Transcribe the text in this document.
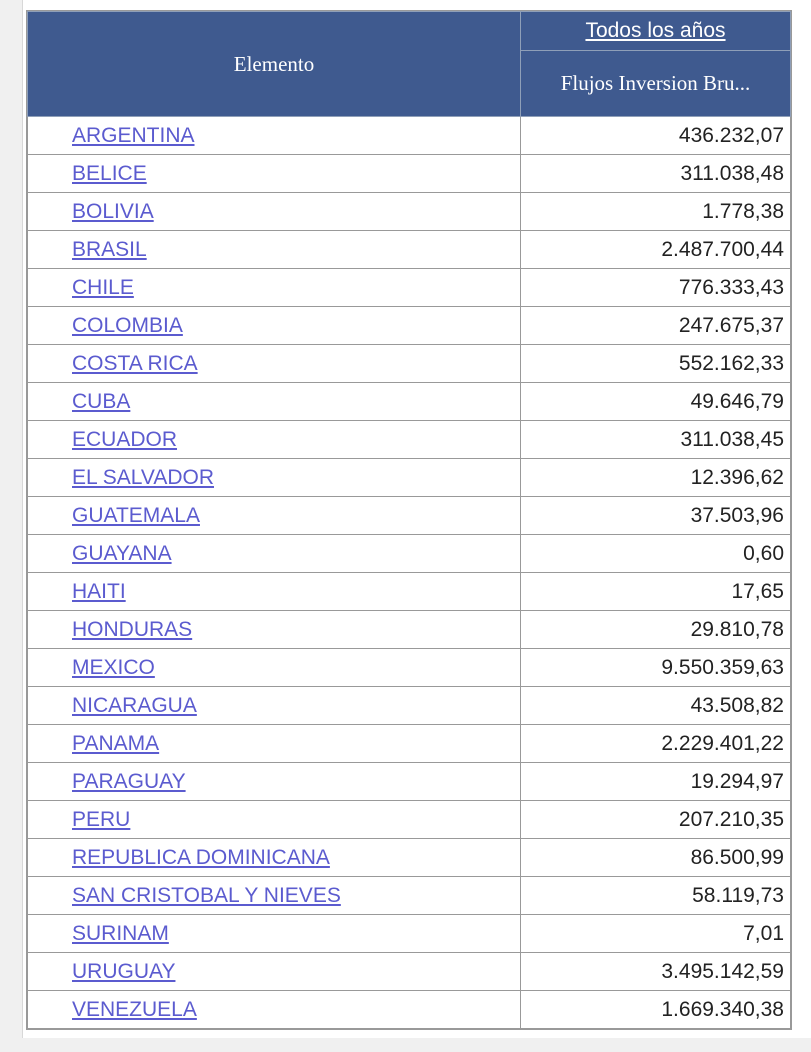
Elemento	Todos los años
	Flujos Inversion Bru...
ARGENTINA	436.232,07
BELICE	311.038,48
BOLIVIA	1.778,38
BRASIL	2.487.700,44
CHILE	776.333,43
COLOMBIA	247.675,37
COSTA RICA	552.162,33
CUBA	49.646,79
ECUADOR	311.038,45
EL SALVADOR	12.396,62
GUATEMALA	37.503,96
GUAYANA	0,60
HAITI	17,65
HONDURAS	29.810,78
MEXICO	9.550.359,63
NICARAGUA	43.508,82
PANAMA	2.229.401,22
PARAGUAY	19.294,97
PERU	207.210,35
REPUBLICA DOMINICANA	86.500,99
SAN CRISTOBAL Y NIEVES	58.119,73
SURINAM	7,01
URUGUAY	3.495.142,59
VENEZUELA	1.669.340,38
